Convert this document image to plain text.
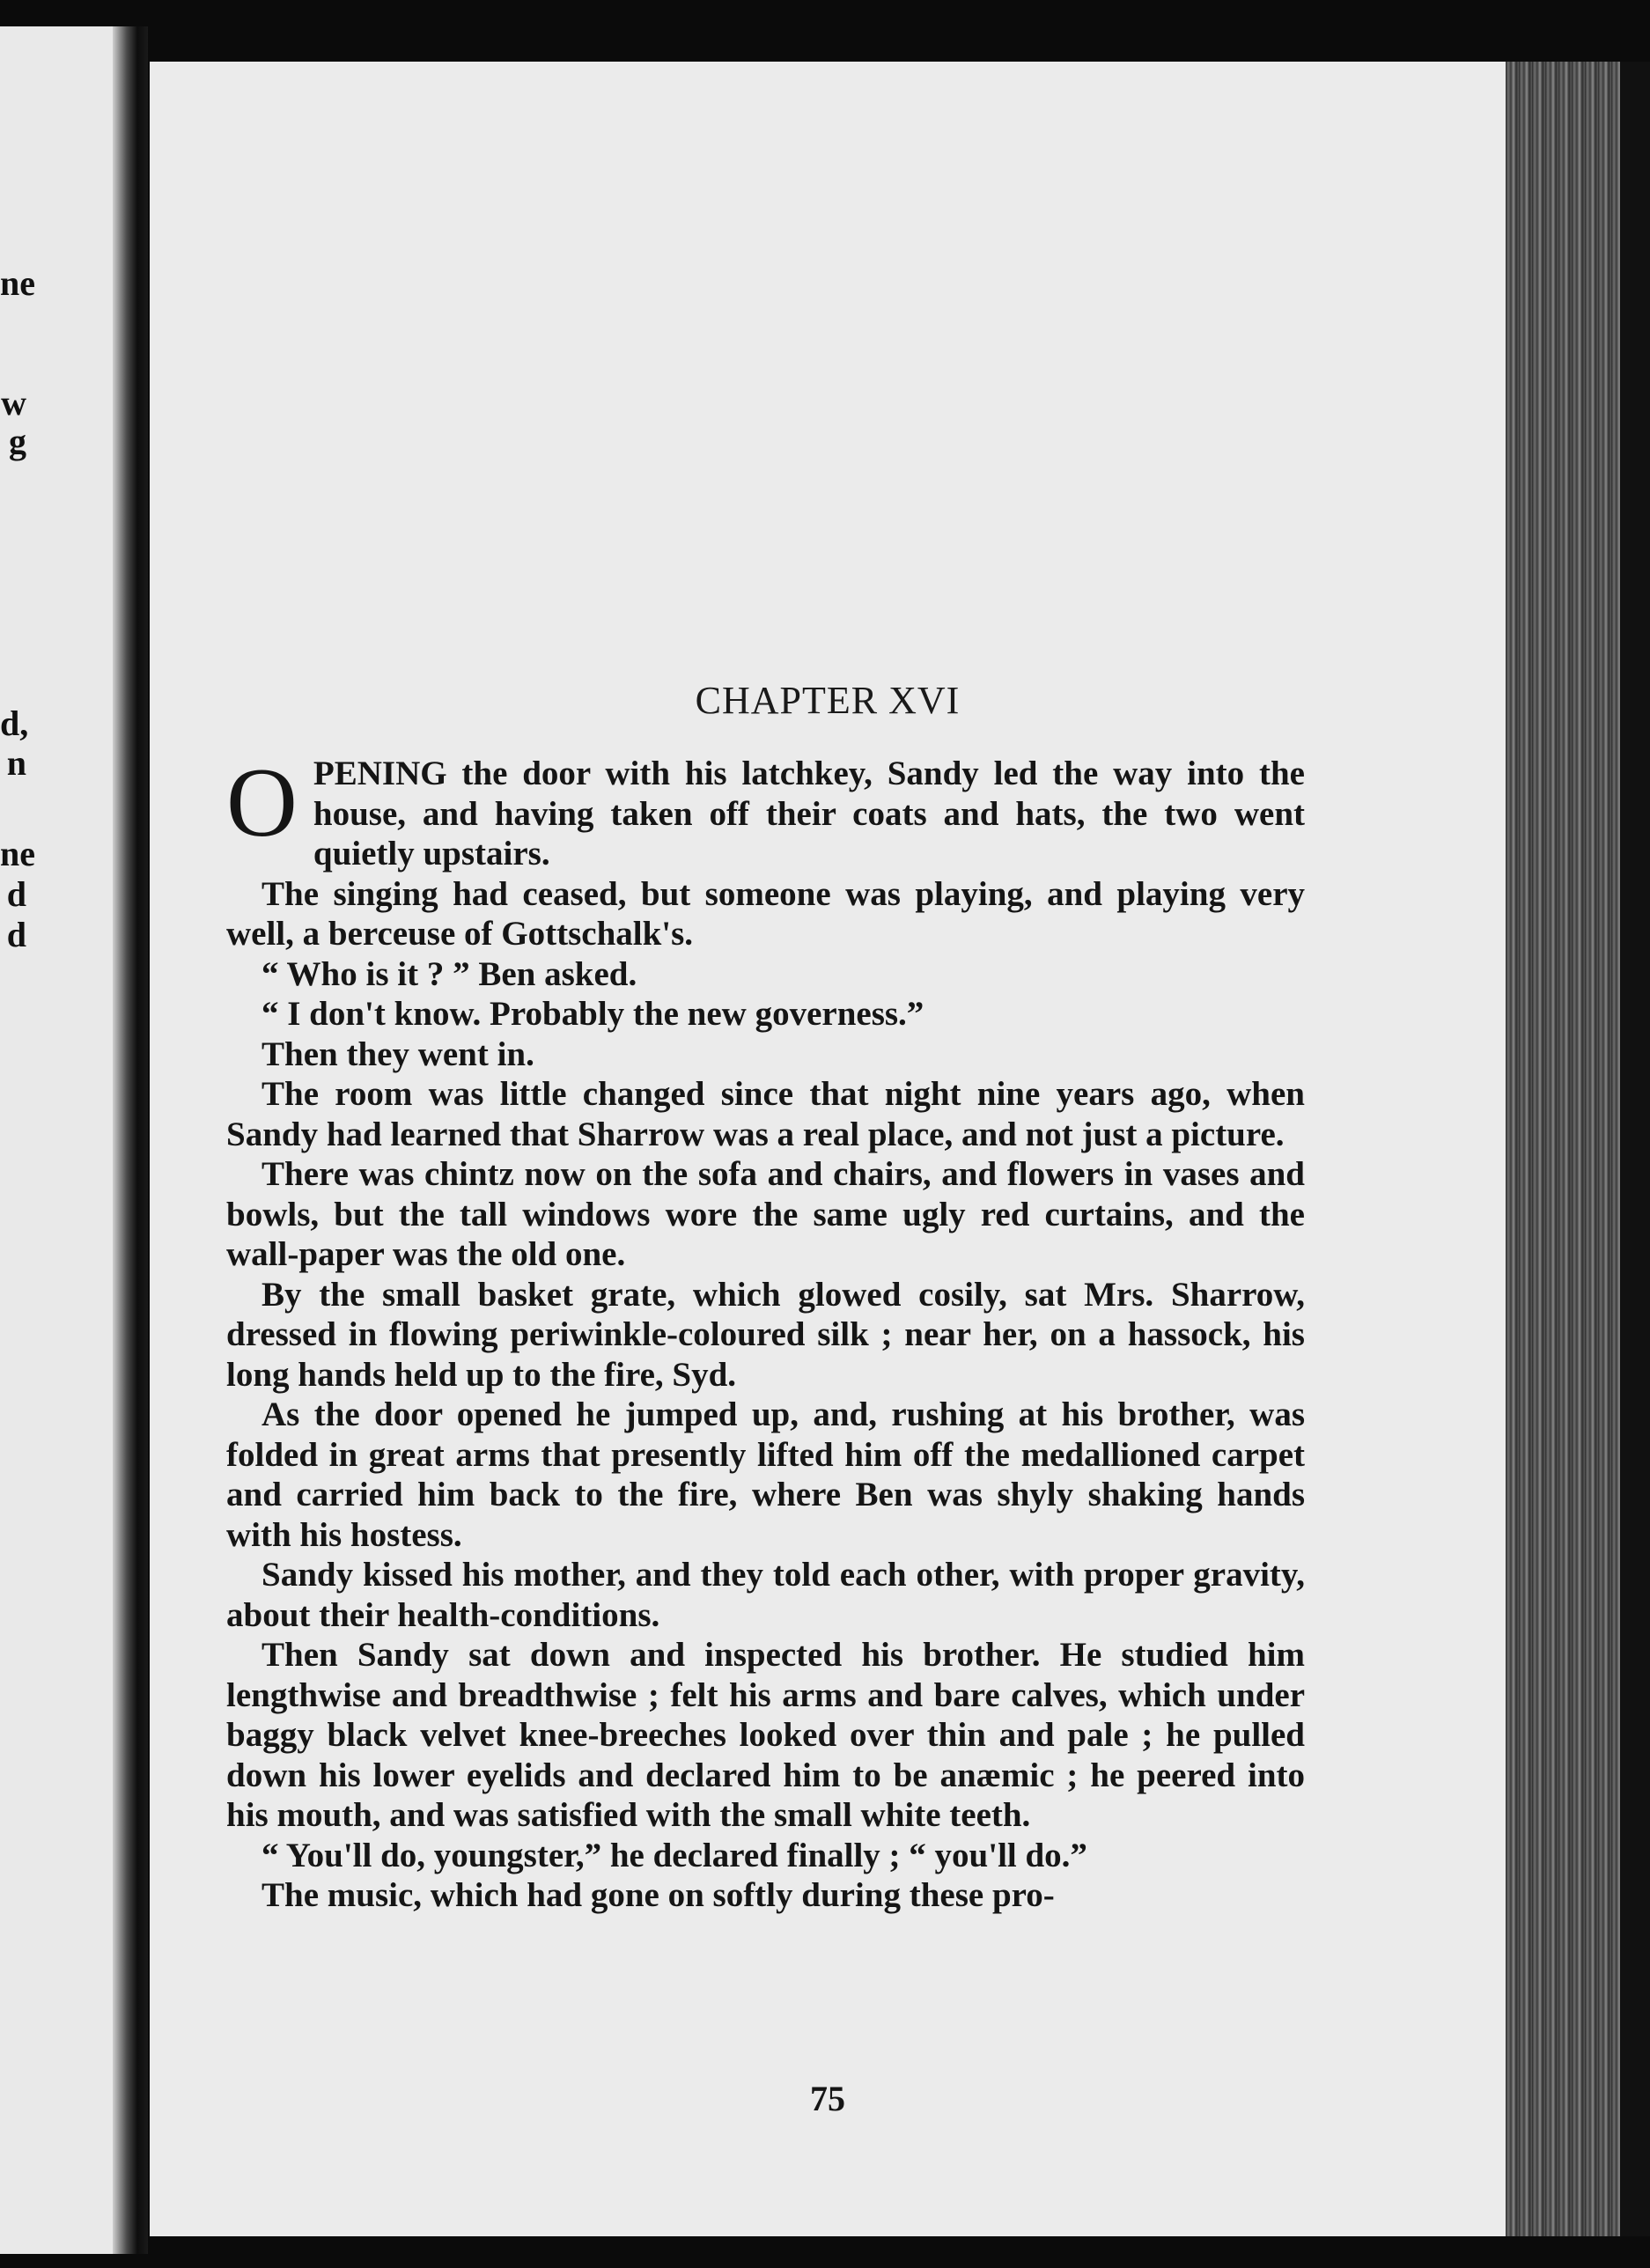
ne
w
g
d,
n
ne
d
d
CHAPTER XVI

OPENING the door with his latchkey, Sandy led the way into the house, and having taken off their coats and hats, the two went quietly upstairs.

The singing had ceased, but someone was playing, and playing very well, a berceuse of Gottschalk's.

“ Who is it ? ” Ben asked.

“ I don't know. Probably the new governess.”

Then they went in.

The room was little changed since that night nine years ago, when Sandy had learned that Sharrow was a real place, and not just a picture.

There was chintz now on the sofa and chairs, and flowers in vases and bowls, but the tall windows wore the same ugly red curtains, and the wall-paper was the old one.

By the small basket grate, which glowed cosily, sat Mrs. Sharrow, dressed in flowing periwinkle-coloured silk ; near her, on a hassock, his long hands held up to the fire, Syd.

As the door opened he jumped up, and, rushing at his brother, was folded in great arms that presently lifted him off the medallioned carpet and carried him back to the fire, where Ben was shyly shaking hands with his hostess.

Sandy kissed his mother, and they told each other, with proper gravity, about their health-conditions.

Then Sandy sat down and inspected his brother. He studied him lengthwise and breadthwise ; felt his arms and bare calves, which under baggy black velvet knee-breeches looked over thin and pale ; he pulled down his lower eyelids and declared him to be anæmic ; he peered into his mouth, and was satisfied with the small white teeth.

“ You'll do, youngster,” he declared finally ; “ you'll do.”

The music, which had gone on softly during these pro-

75
